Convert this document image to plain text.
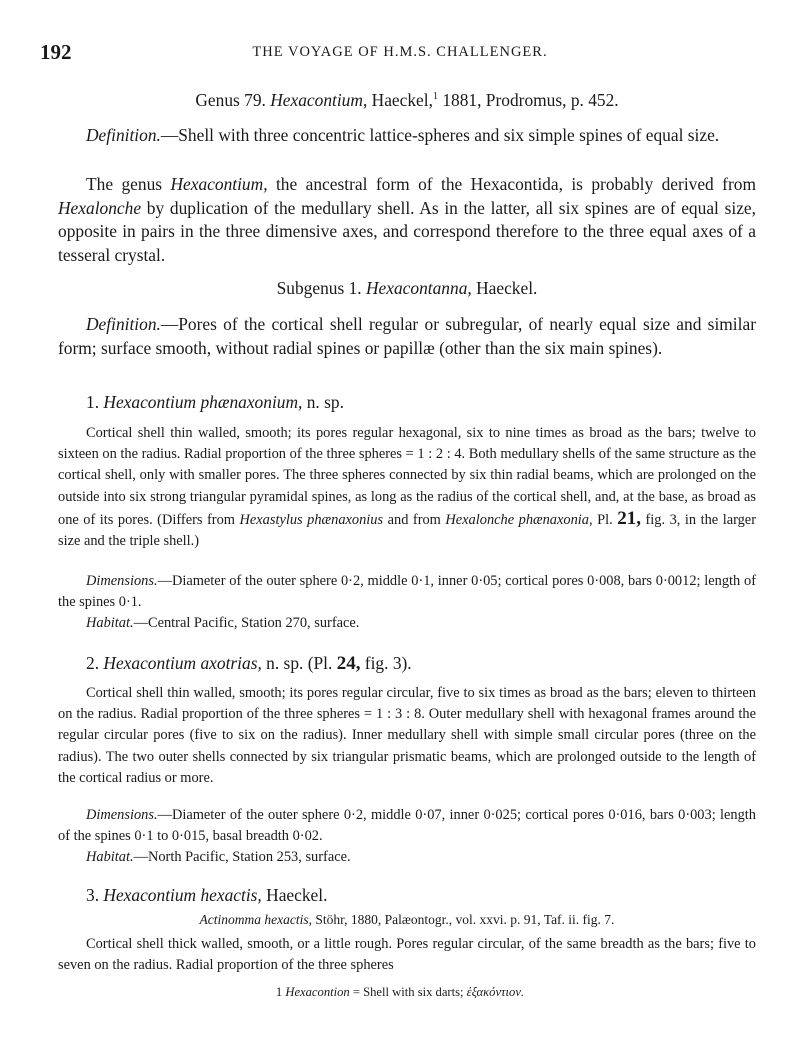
192	THE VOYAGE OF H.M.S. CHALLENGER.
Genus 79. Hexacontium, Haeckel,$^1$ 1881, Prodromus, p. 452.
Definition.—Shell with three concentric lattice-spheres and six simple spines of equal size.
The genus Hexacontium, the ancestral form of the Hexacontida, is probably derived from Hexalonche by duplication of the medullary shell. As in the latter, all six spines are of equal size, opposite in pairs in the three dimensive axes, and correspond therefore to the three equal axes of a tesseral crystal.
Subgenus 1. Hexacontanna, Haeckel.
Definition.—Pores of the cortical shell regular or subregular, of nearly equal size and similar form; surface smooth, without radial spines or papillæ (other than the six main spines).
1. Hexacontium phænaxonium, n. sp.
Cortical shell thin walled, smooth; its pores regular hexagonal, six to nine times as broad as the bars; twelve to sixteen on the radius. Radial proportion of the three spheres = 1 : 2 : 4. Both medullary shells of the same structure as the cortical shell, only with smaller pores. The three spheres connected by six thin radial beams, which are prolonged on the outside into six strong triangular pyramidal spines, as long as the radius of the cortical shell, and, at the base, as broad as one of its pores. (Differs from Hexastylus phænaxonius and from Hexalonche phænaxonia, Pl. 21, fig. 3, in the larger size and the triple shell.)
Dimensions.—Diameter of the outer sphere 0·2, middle 0·1, inner 0·05; cortical pores 0·008, bars 0·0012; length of the spines 0·1.
Habitat.—Central Pacific, Station 270, surface.
2. Hexacontium axotrias, n. sp. (Pl. 24, fig. 3).
Cortical shell thin walled, smooth; its pores regular circular, five to six times as broad as the bars; eleven to thirteen on the radius. Radial proportion of the three spheres = 1 : 3 : 8. Outer medullary shell with hexagonal frames around the regular circular pores (five to six on the radius). Inner medullary shell with simple small circular pores (three on the radius). The two outer shells connected by six triangular prismatic beams, which are prolonged outside to the length of the cortical radius or more.
Dimensions.—Diameter of the outer sphere 0·2, middle 0·07, inner 0·025; cortical pores 0·016, bars 0·003; length of the spines 0·1 to 0·015, basal breadth 0·02.
Habitat.—North Pacific, Station 253, surface.
3. Hexacontium hexactis, Haeckel.
Actinomma hexactis, Stöhr, 1880, Palæontogr., vol. xxvi. p. 91, Taf. ii. fig. 7.
Cortical shell thick walled, smooth, or a little rough. Pores regular circular, of the same breadth as the bars; five to seven on the radius. Radial proportion of the three spheres
1 Hexacontion = Shell with six darts; ἑξακόντιον.
